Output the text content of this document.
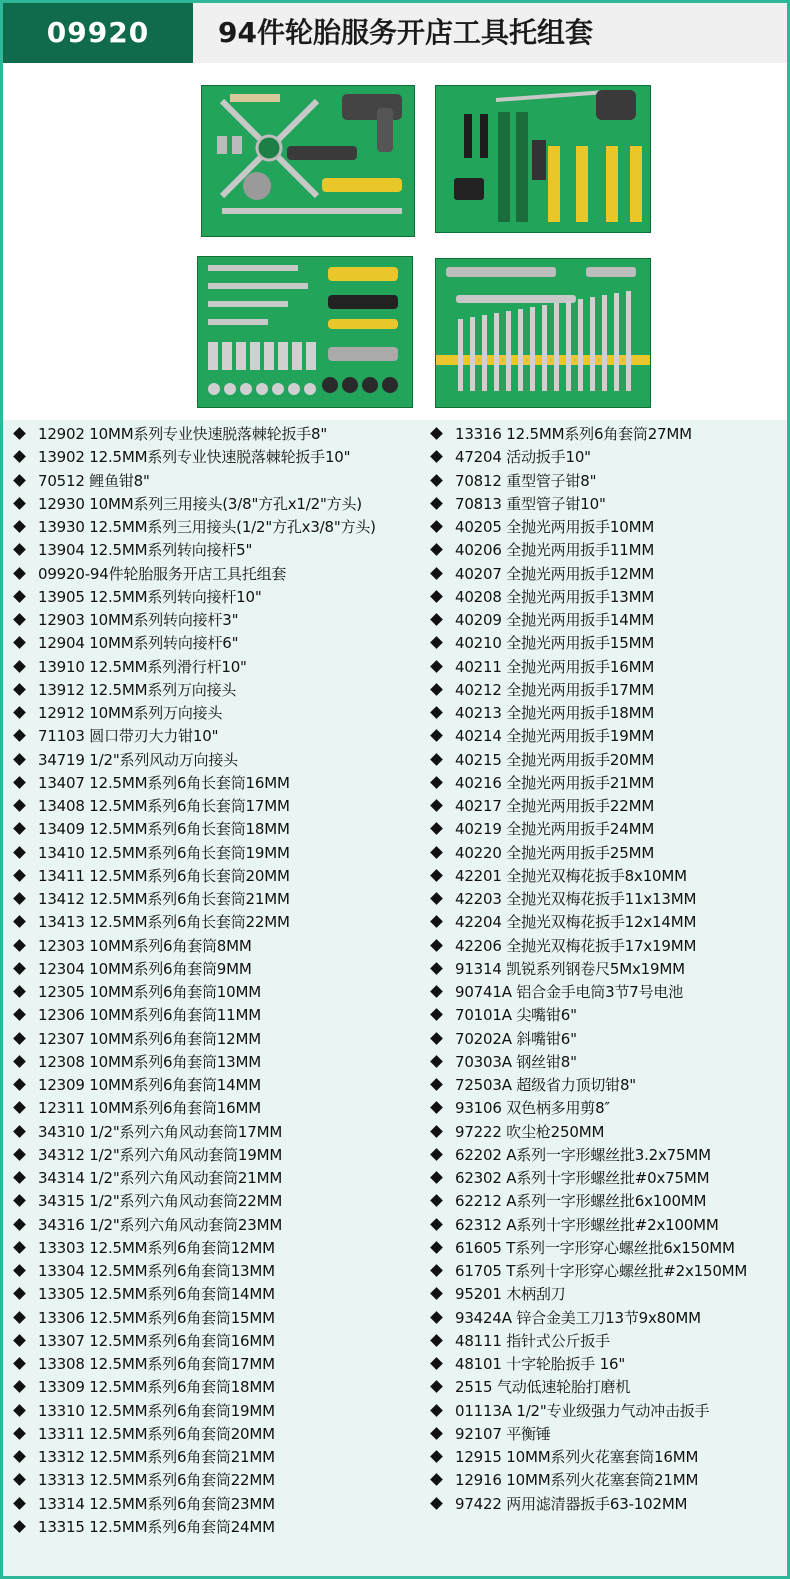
09920	94件轮胎服务开店工具托组套
12902 10MM系列专业快速脱落棘轮扳手8"
13902 12.5MM系列专业快速脱落棘轮扳手10"
70512 鲤鱼钳8"
12930 10MM系列三用接头(3/8"方孔x1/2"方头)
13930 12.5MM系列三用接头(1/2"方孔x3/8"方头)
13904 12.5MM系列转向接杆5"
09920-94件轮胎服务开店工具托组套
13905 12.5MM系列转向接杆10"
12903 10MM系列转向接杆3"
12904 10MM系列转向接杆6"
13910 12.5MM系列滑行杆10"
13912 12.5MM系列万向接头
12912 10MM系列万向接头
71103 圆口带刃大力钳10"
34719 1/2"系列风动万向接头
13407 12.5MM系列6角长套筒16MM
13408 12.5MM系列6角长套筒17MM
13409 12.5MM系列6角长套筒18MM
13410 12.5MM系列6角长套筒19MM
13411 12.5MM系列6角长套筒20MM
13412 12.5MM系列6角长套筒21MM
13413 12.5MM系列6角长套筒22MM
12303 10MM系列6角套筒8MM
12304 10MM系列6角套筒9MM
12305 10MM系列6角套筒10MM
12306 10MM系列6角套筒11MM
12307 10MM系列6角套筒12MM
12308 10MM系列6角套筒13MM
12309 10MM系列6角套筒14MM
12311 10MM系列6角套筒16MM
34310 1/2"系列六角风动套筒17MM
34312 1/2"系列六角风动套筒19MM
34314 1/2"系列六角风动套筒21MM
34315 1/2"系列六角风动套筒22MM
34316 1/2"系列六角风动套筒23MM
13303 12.5MM系列6角套筒12MM
13304 12.5MM系列6角套筒13MM
13305 12.5MM系列6角套筒14MM
13306 12.5MM系列6角套筒15MM
13307 12.5MM系列6角套筒16MM
13308 12.5MM系列6角套筒17MM
13309 12.5MM系列6角套筒18MM
13310 12.5MM系列6角套筒19MM
13311 12.5MM系列6角套筒20MM
13312 12.5MM系列6角套筒21MM
13313 12.5MM系列6角套筒22MM
13314 12.5MM系列6角套筒23MM
13315 12.5MM系列6角套筒24MM
13316 12.5MM系列6角套筒27MM
47204 活动扳手10"
70812 重型管子钳8"
70813 重型管子钳10"
40205 全抛光两用扳手10MM
40206 全抛光两用扳手11MM
40207 全抛光两用扳手12MM
40208 全抛光两用扳手13MM
40209 全抛光两用扳手14MM
40210 全抛光两用扳手15MM
40211 全抛光两用扳手16MM
40212 全抛光两用扳手17MM
40213 全抛光两用扳手18MM
40214 全抛光两用扳手19MM
40215 全抛光两用扳手20MM
40216 全抛光两用扳手21MM
40217 全抛光两用扳手22MM
40219 全抛光两用扳手24MM
40220 全抛光两用扳手25MM
42201 全抛光双梅花扳手8x10MM
42203 全抛光双梅花扳手11x13MM
42204 全抛光双梅花扳手12x14MM
42206 全抛光双梅花扳手17x19MM
91314 凯锐系列钢卷尺5Mx19MM
90741A 铝合金手电筒3节7号电池
70101A 尖嘴钳6"
70202A 斜嘴钳6"
70303A 钢丝钳8"
72503A 超级省力顶切钳8"
93106 双色柄多用剪8″
97222 吹尘枪250MM
62202 A系列一字形螺丝批3.2x75MM
62302 A系列十字形螺丝批#0x75MM
62212 A系列一字形螺丝批6x100MM
62312 A系列十字形螺丝批#2x100MM
61605 T系列一字形穿心螺丝批6x150MM
61705 T系列十字形穿心螺丝批#2x150MM
95201 木柄刮刀
93424A 锌合金美工刀13节9x80MM
48111 指针式公斤扳手
48101 十字轮胎扳手 16"
2515 气动低速轮胎打磨机
01113A 1/2"专业级强力气动冲击扳手
92107 平衡锤
12915 10MM系列火花塞套筒16MM
12916 10MM系列火花塞套筒21MM
97422 两用滤清器扳手63-102MM
